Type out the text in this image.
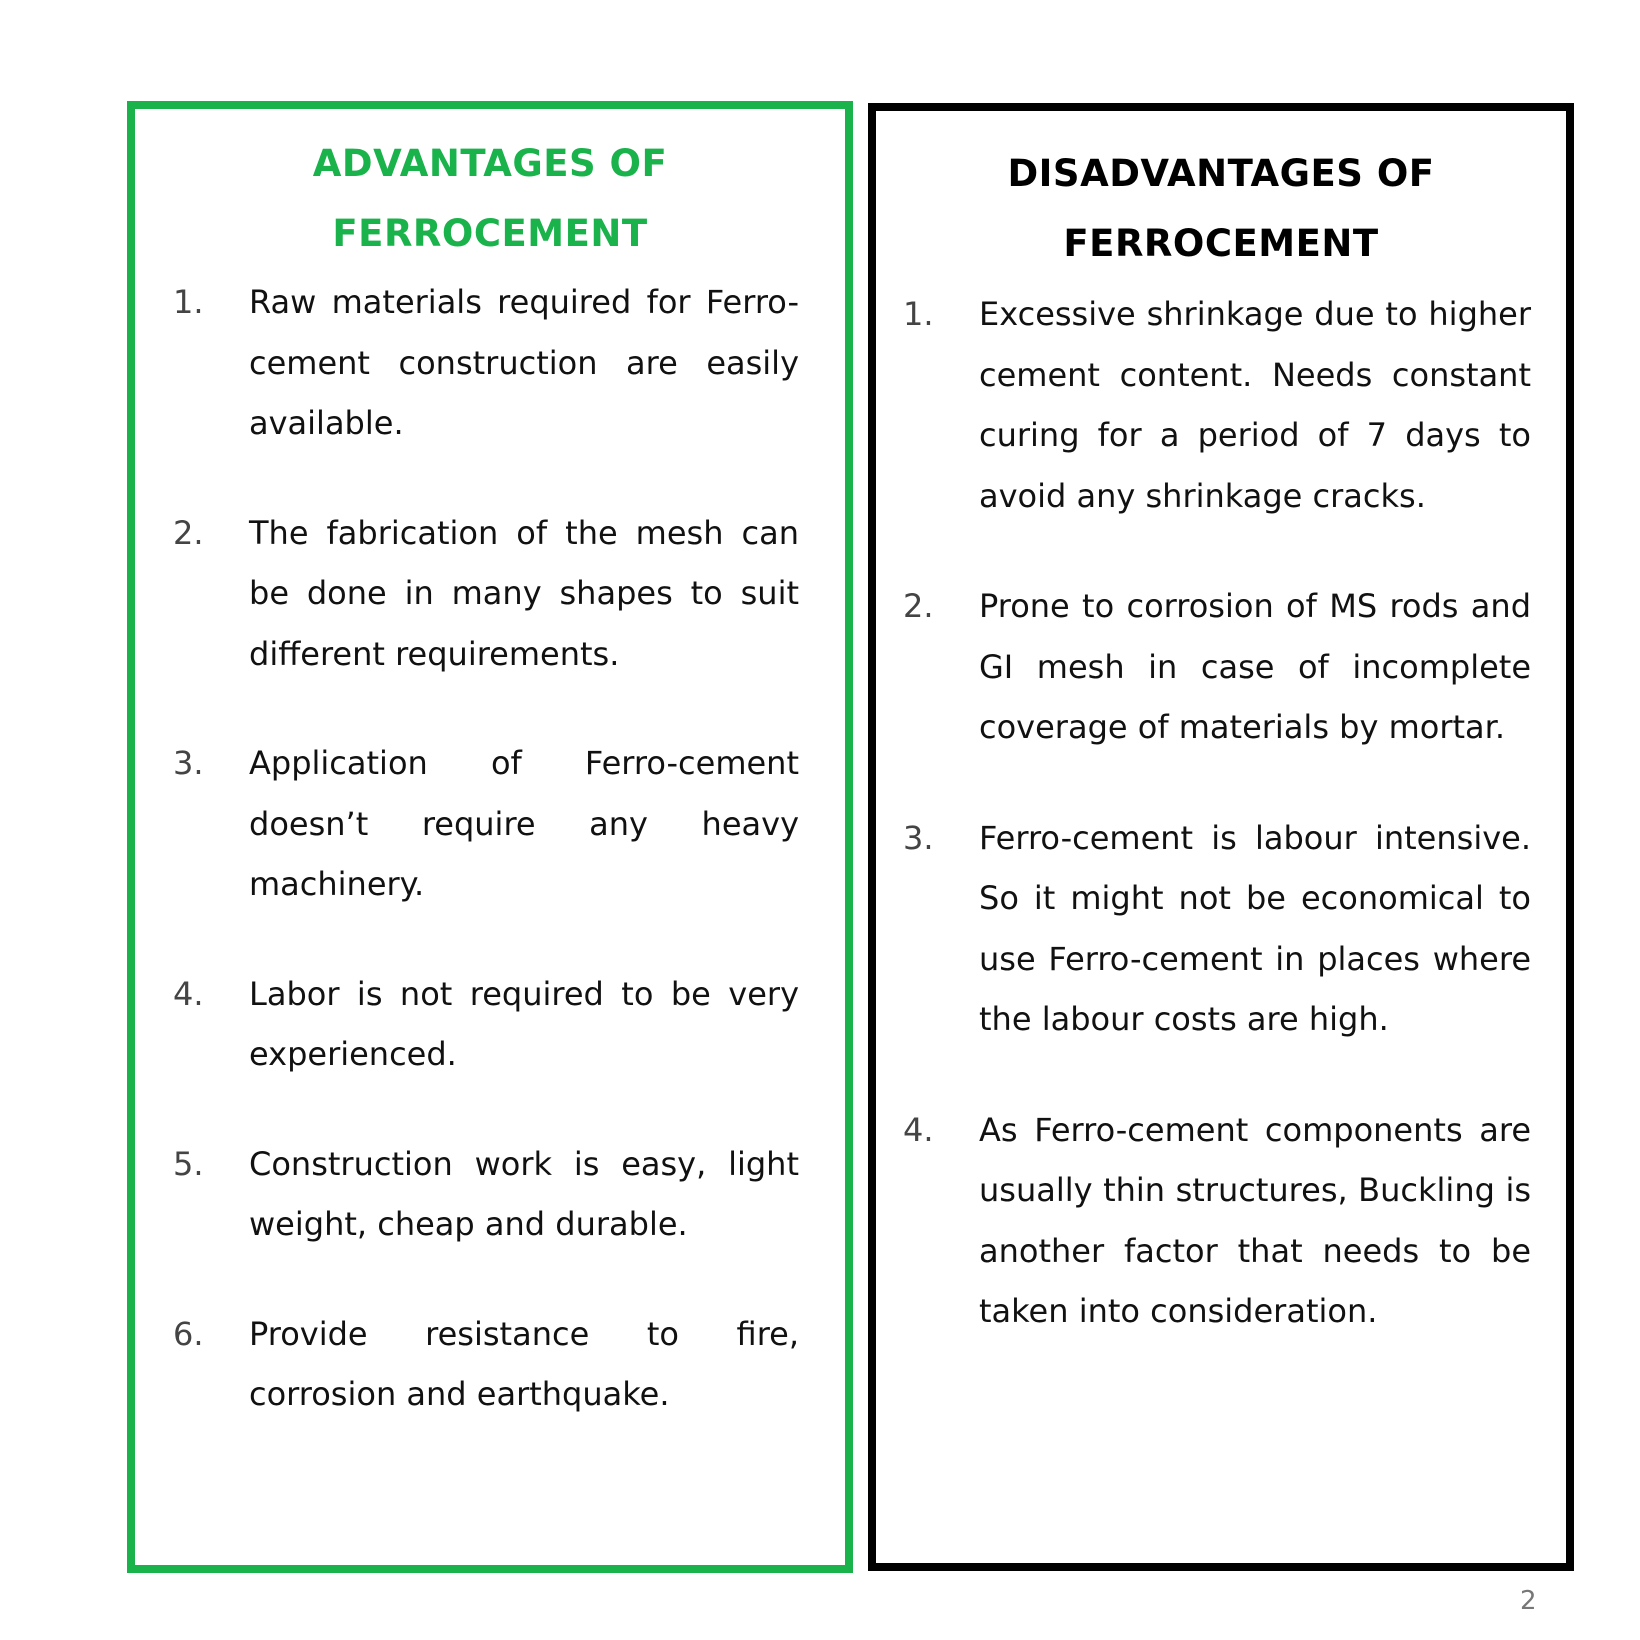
ADVANTAGES OF
FERROCEMENT
1. Raw materials required for Ferro-cement construction are easily available.
2. The fabrication of the mesh can be done in many shapes to suit different requirements.
3. Application of Ferro-cement doesn’t require any heavy machinery.
4. Labor is not required to be very experienced.
5. Construction work is easy, light weight, cheap and durable.
6. Provide resistance to fire, corrosion and earthquake.
DISADVANTAGES OF
FERROCEMENT
1. Excessive shrinkage due to higher cement content. Needs constant curing for a period of 7 days to avoid any shrinkage cracks.
2. Prone to corrosion of MS rods and GI mesh in case of incomplete coverage of materials by mortar.
3. Ferro-cement is labour intensive. So it might not be economical to use Ferro-cement in places where the labour costs are high.
4. As Ferro-cement components are usually thin structures, Buckling is another factor that needs to be taken into consideration.
2
